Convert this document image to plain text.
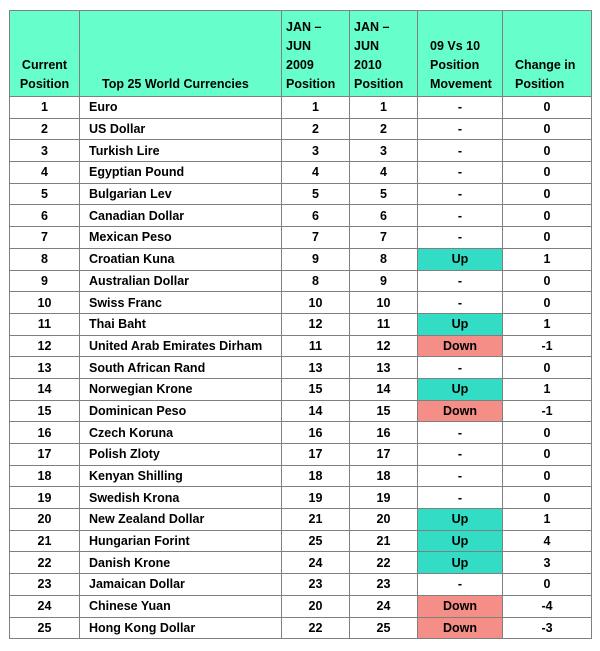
Current
Position	Top 25 World Currencies	JAN –
JUN
2009
Position	JAN –
JUN
2010
Position	09 Vs 10
Position
Movement	Change in
Position
1	Euro	1	1	-	0
2	US Dollar	2	2	-	0
3	Turkish Lire	3	3	-	0
4	Egyptian Pound	4	4	-	0
5	Bulgarian Lev	5	5	-	0
6	Canadian Dollar	6	6	-	0
7	Mexican Peso	7	7	-	0
8	Croatian Kuna	9	8	Up	1
9	Australian Dollar	8	9	-	0
10	Swiss Franc	10	10	-	0
11	Thai Baht	12	11	Up	1
12	United Arab Emirates Dirham	11	12	Down	-1
13	South African Rand	13	13	-	0
14	Norwegian Krone	15	14	Up	1
15	Dominican Peso	14	15	Down	-1
16	Czech Koruna	16	16	-	0
17	Polish Zloty	17	17	-	0
18	Kenyan Shilling	18	18	-	0
19	Swedish Krona	19	19	-	0
20	New Zealand Dollar	21	20	Up	1
21	Hungarian Forint	25	21	Up	4
22	Danish Krone	24	22	Up	3
23	Jamaican Dollar	23	23	-	0
24	Chinese Yuan	20	24	Down	-4
25	Hong Kong Dollar	22	25	Down	-3
